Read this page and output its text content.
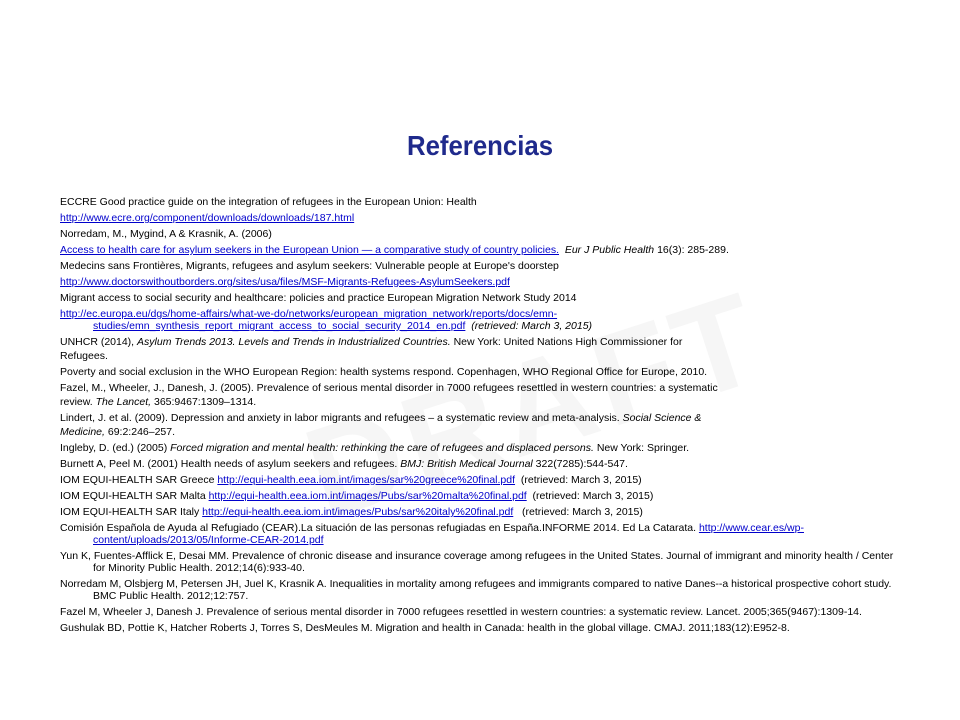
Referencias
ECCRE Good practice guide on the integration of refugees in the European Union: Health
http://www.ecre.org/component/downloads/downloads/187.html
Norredam, M., Mygind, A & Krasnik, A. (2006)
Access to health care for asylum seekers in the European Union — a comparative study of country policies. Eur J Public Health 16(3): 285-289.
Medecins sans Frontières, Migrants, refugees and asylum seekers: Vulnerable people at Europe's doorstep
http://www.doctorswithoutborders.org/sites/usa/files/MSF-Migrants-Refugees-AsylumSeekers.pdf
Migrant access to social security and healthcare: policies and practice European Migration Network Study 2014
http://ec.europa.eu/dgs/home-affairs/what-we-do/networks/european_migration_network/reports/docs/emn-studies/emn_synthesis_report_migrant_access_to_social_security_2014_en.pdf (retrieved: March 3, 2015)
UNHCR (2014), Asylum Trends 2013. Levels and Trends in Industrialized Countries. New York: United Nations High Commissioner for
Refugees.
Poverty and social exclusion in the WHO European Region: health systems respond. Copenhagen, WHO Regional Office for Europe, 2010.
Fazel, M., Wheeler, J., Danesh, J. (2005). Prevalence of serious mental disorder in 7000 refugees resettled in western countries: a systematic
review. The Lancet, 365:9467:1309–1314.
Lindert, J. et al. (2009). Depression and anxiety in labor migrants and refugees – a systematic review and meta-analysis. Social Science &
Medicine, 69:2:246–257.
Ingleby, D. (ed.) (2005) Forced migration and mental health: rethinking the care of refugees and displaced persons. New York: Springer.
Burnett A, Peel M. (2001) Health needs of asylum seekers and refugees. BMJ: British Medical Journal 322(7285):544-547.
IOM EQUI-HEALTH SAR Greece http://equi-health.eea.iom.int/images/sar%20greece%20final.pdf (retrieved: March 3, 2015)
IOM EQUI-HEALTH SAR Malta http://equi-health.eea.iom.int/images/Pubs/sar%20malta%20final.pdf (retrieved: March 3, 2015)
IOM EQUI-HEALTH SAR Italy http://equi-health.eea.iom.int/images/Pubs/sar%20italy%20final.pdf (retrieved: March 3, 2015)
Comisión Española de Ayuda al Refugiado (CEAR).La situación de las personas refugiadas en España.INFORME 2014. Ed La Catarata. http://www.cear.es/wp-content/uploads/2013/05/Informe-CEAR-2014.pdf
Yun K, Fuentes-Afflick E, Desai MM. Prevalence of chronic disease and insurance coverage among refugees in the United States. Journal of immigrant and minority health / Center for Minority Public Health. 2012;14(6):933-40.
Norredam M, Olsbjerg M, Petersen JH, Juel K, Krasnik A. Inequalities in mortality among refugees and immigrants compared to native Danes--a historical prospective cohort study. BMC Public Health. 2012;12:757.
Fazel M, Wheeler J, Danesh J. Prevalence of serious mental disorder in 7000 refugees resettled in western countries: a systematic review. Lancet. 2005;365(9467):1309-14.
Gushulak BD, Pottie K, Hatcher Roberts J, Torres S, DesMeules M. Migration and health in Canada: health in the global village. CMAJ. 2011;183(12):E952-8.
